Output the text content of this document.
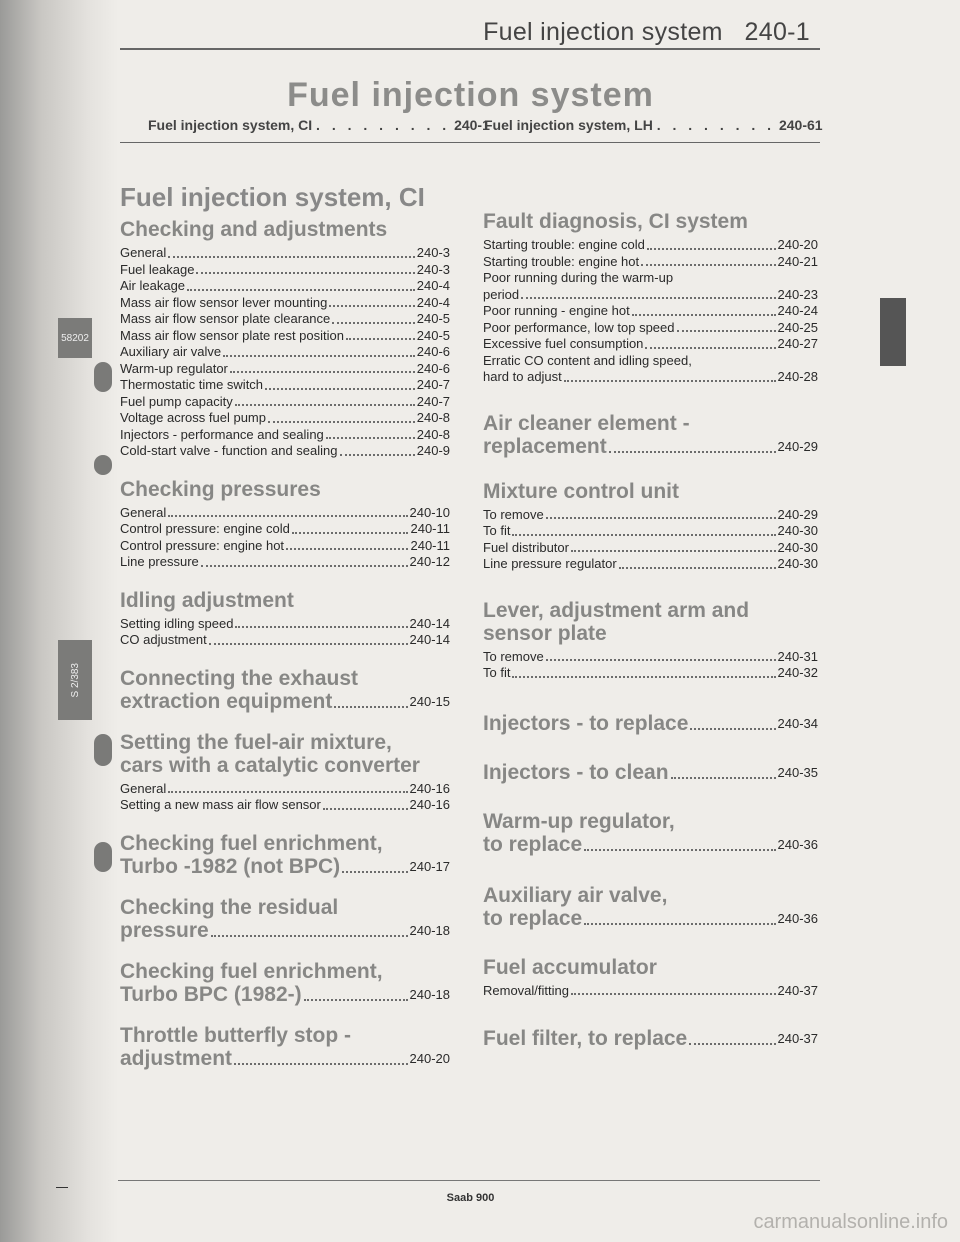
58202
S 2/383
Fuel injection system 240-1
Fuel injection system
Fuel injection system, CI . . . . . . . . . 240-1
Fuel injection system, LH . . . . . . . . 240-61
Fuel injection system, CI
Checking and adjustments
General	240-3
Fuel leakage	240-3
Air leakage	240-4
Mass air flow sensor lever mounting	240-4
Mass air flow sensor plate clearance	240-5
Mass air flow sensor plate rest position	240-5
Auxiliary air valve	240-6
Warm-up regulator	240-6
Thermostatic time switch	240-7
Fuel pump capacity	240-7
Voltage across fuel pump	240-8
Injectors - performance and sealing	240-8
Cold-start valve - function and sealing	240-9
Checking pressures
General	240-10
Control pressure: engine cold	240-11
Control pressure: engine hot	240-11
Line pressure	240-12
Idling adjustment
Setting idling speed	240-14
CO adjustment	240-14
Connecting the exhaust
extraction equipment	240-15
Setting the fuel-air mixture,
cars with a catalytic converter
General	240-16
Setting a new mass air flow sensor	240-16
Checking fuel enrichment,
Turbo -1982 (not BPC)	240-17
Checking the residual
pressure	240-18
Checking fuel enrichment,
Turbo BPC (1982-)	240-18
Throttle butterfly stop -
adjustment	240-20
Fault diagnosis, CI system
Starting trouble: engine cold	240-20
Starting trouble: engine hot	240-21
Poor running during the warm-up
period	240-23
Poor running - engine hot	240-24
Poor performance, low top speed	240-25
Excessive fuel consumption	240-27
Erratic CO content and idling speed,
hard to adjust	240-28
Air cleaner element -
replacement	240-29
Mixture control unit
To remove	240-29
To fit	240-30
Fuel distributor	240-30
Line pressure regulator	240-30
Lever, adjustment arm and
sensor plate
To remove	240-31
To fit	240-32
Injectors - to replace	240-34
Injectors - to clean	240-35
Warm-up regulator,
to replace	240-36
Auxiliary air valve,
to replace	240-36
Fuel accumulator
Removal/fitting	240-37
Fuel filter, to replace	240-37
Saab 900
carmanualsonline.info
